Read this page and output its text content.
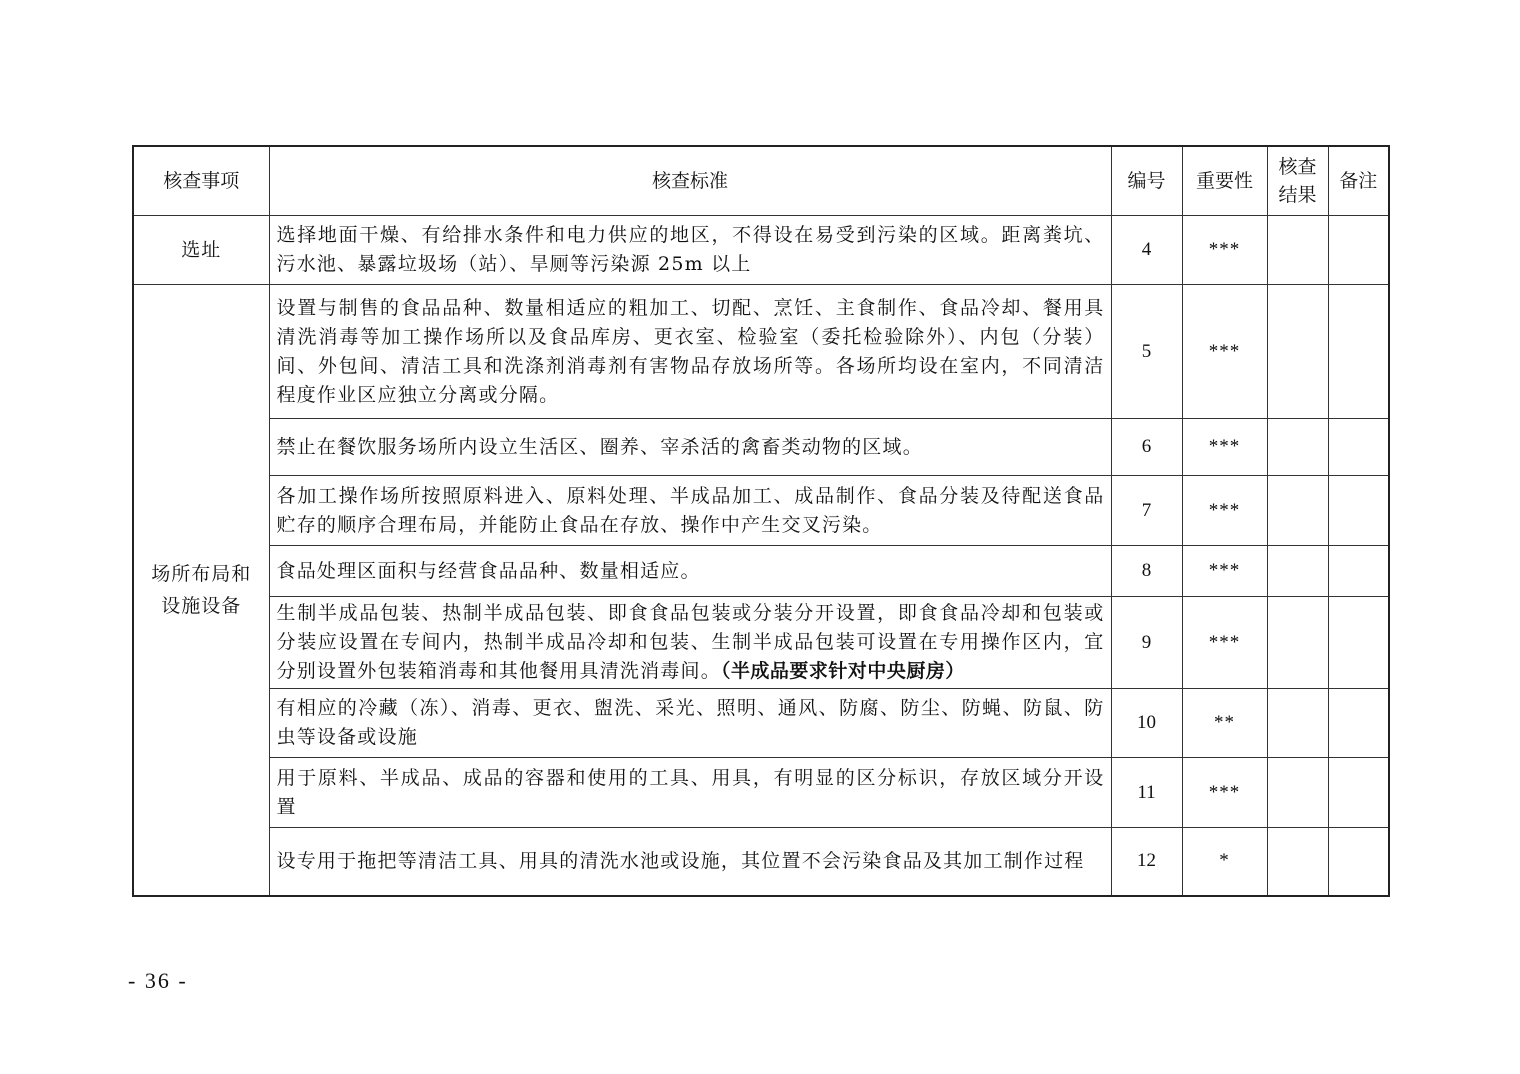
核查事项	核查标准	编号	重要性	核查结果	备注
选址	选择地面干燥、有给排水条件和电力供应的地区，不得设在易受到污染的区域。距离粪坑、污水池、暴露垃圾场（站）、旱厕等污染源 25m 以上	4	***		
场所布局和设施设备	设置与制售的食品品种、数量相适应的粗加工、切配、烹饪、主食制作、食品冷却、餐用具清洗消毒等加工操作场所以及食品库房、更衣室、检验室（委托检验除外）、内包（分装）间、外包间、清洁工具和洗涤剂消毒剂有害物品存放场所等。各场所均设在室内，不同清洁程度作业区应独立分离或分隔。	5	***		
	禁止在餐饮服务场所内设立生活区、圈养、宰杀活的禽畜类动物的区域。	6	***		
	各加工操作场所按照原料进入、原料处理、半成品加工、成品制作、食品分装及待配送食品贮存的顺序合理布局，并能防止食品在存放、操作中产生交叉污染。	7	***		
	食品处理区面积与经营食品品种、数量相适应。	8	***		
	生制半成品包装、热制半成品包装、即食食品包装或分装分开设置，即食食品冷却和包装或分装应设置在专间内，热制半成品冷却和包装、生制半成品包装可设置在专用操作区内，宜分别设置外包装箱消毒和其他餐用具清洗消毒间。（半成品要求针对中央厨房）	9	***		
	有相应的冷藏（冻）、消毒、更衣、盥洗、采光、照明、通风、防腐、防尘、防蝇、防鼠、防虫等设备或设施	10	**		
	用于原料、半成品、成品的容器和使用的工具、用具，有明显的区分标识，存放区域分开设置	11	***		
	设专用于拖把等清洁工具、用具的清洗水池或设施，其位置不会污染食品及其加工制作过程	12	*		
- 36 -
